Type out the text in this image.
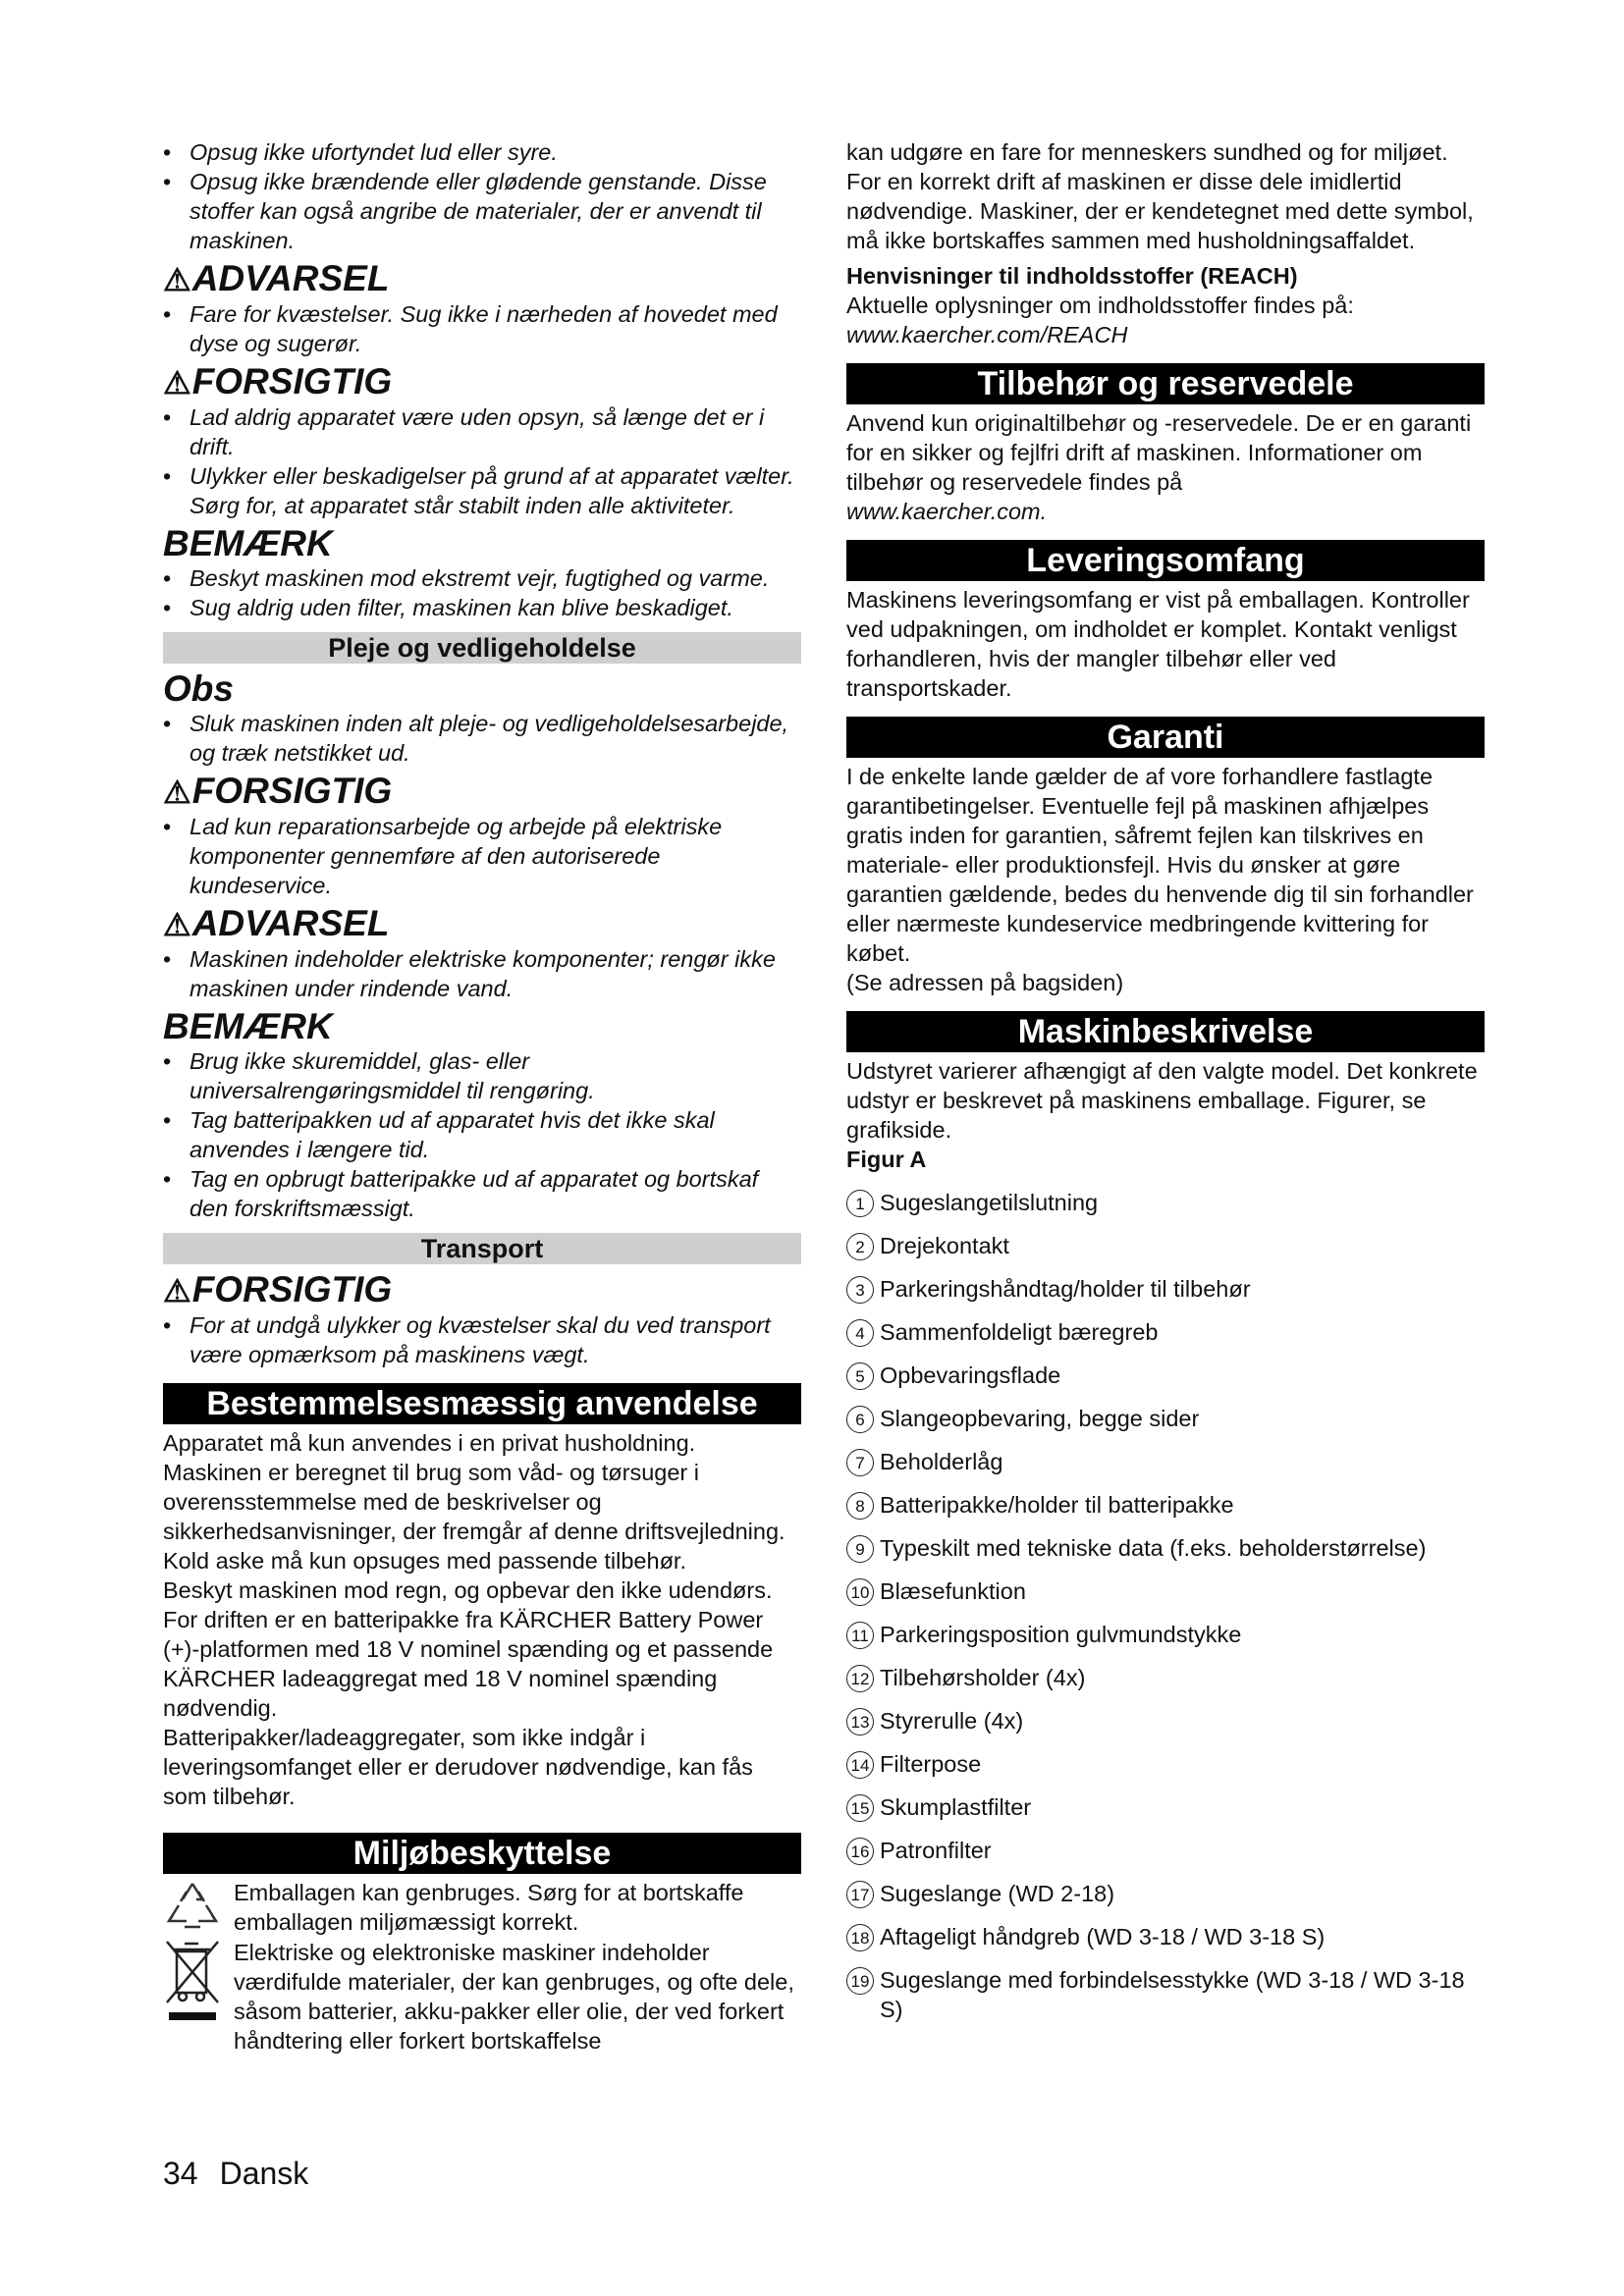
• Opsug ikke ufortyndet lud eller syre.
• Opsug ikke brændende eller glødende genstande. Disse stoffer kan også angribe de materialer, der er anvendt til maskinen.
⚠ADVARSEL
• Fare for kvæstelser. Sug ikke i nærheden af hovedet med dyse og sugerør.
⚠FORSIGTIG
• Lad aldrig apparatet være uden opsyn, så længe det er i drift.
• Ulykker eller beskadigelser på grund af at apparatet vælter. Sørg for, at apparatet står stabilt inden alle aktiviteter.
BEMÆRK
• Beskyt maskinen mod ekstremt vejr, fugtighed og varme.
• Sug aldrig uden filter, maskinen kan blive beskadiget.
Pleje og vedligeholdelse
Obs
• Sluk maskinen inden alt pleje- og vedligeholdelsesarbejde, og træk netstikket ud.
⚠FORSIGTIG
• Lad kun reparationsarbejde og arbejde på elektriske komponenter gennemføre af den autoriserede kundeservice.
⚠ADVARSEL
• Maskinen indeholder elektriske komponenter; rengør ikke maskinen under rindende vand.
BEMÆRK
• Brug ikke skuremiddel, glas- eller universalrengøringsmiddel til rengøring.
• Tag batteripakken ud af apparatet hvis det ikke skal anvendes i længere tid.
• Tag en opbrugt batteripakke ud af apparatet og bortskaf den forskriftsmæssigt.
Transport
⚠FORSIGTIG
• For at undgå ulykker og kvæstelser skal du ved transport være opmærksom på maskinens vægt.
Bestemmelsesmæssig anvendelse
Apparatet må kun anvendes i en privat husholdning.
Maskinen er beregnet til brug som våd- og tørsuger i overensstemmelse med de beskrivelser og sikkerhedsanvisninger, der fremgår af denne driftsvejledning.
Kold aske må kun opsuges med passende tilbehør.
Beskyt maskinen mod regn, og opbevar den ikke udendørs.
For driften er en batteripakke fra KÄRCHER Battery Power (+)-platformen med 18 V nominel spænding og et passende KÄRCHER ladeaggregat med 18 V nominel spænding nødvendig.
Batteripakker/ladeaggregater, som ikke indgår i leveringsomfanget eller er derudover nødvendige, kan fås som tilbehør.
Miljøbeskyttelse
Emballagen kan genbruges. Sørg for at bortskaffe emballagen miljømæssigt korrekt.
Elektriske og elektroniske maskiner indeholder værdifulde materialer, der kan genbruges, og ofte dele, såsom batterier, akku-pakker eller olie, der ved forkert håndtering eller forkert bortskaffelse
kan udgøre en fare for menneskers sundhed og for miljøet. For en korrekt drift af maskinen er disse dele imidlertid nødvendige. Maskiner, der er kendetegnet med dette symbol, må ikke bortskaffes sammen med husholdningsaffaldet.
Henvisninger til indholdsstoffer (REACH)
Aktuelle oplysninger om indholdsstoffer findes på:
www.kaercher.com/REACH
Tilbehør og reservedele
Anvend kun originaltilbehør og -reservedele. De er en garanti for en sikker og fejlfri drift af maskinen. Informationer om tilbehør og reservedele findes på
www.kaercher.com.
Leveringsomfang
Maskinens leveringsomfang er vist på emballagen. Kontroller ved udpakningen, om indholdet er komplet. Kontakt venligst forhandleren, hvis der mangler tilbehør eller ved transportskader.
Garanti
I de enkelte lande gælder de af vore forhandlere fastlagte garantibetingelser. Eventuelle fejl på maskinen afhjælpes gratis inden for garantien, såfremt fejlen kan tilskrives en materiale- eller produktionsfejl. Hvis du ønsker at gøre garantien gældende, bedes du henvende dig til sin forhandler eller nærmeste kundeservice medbringende kvittering for købet.
(Se adressen på bagsiden)
Maskinbeskrivelse
Udstyret varierer afhængigt af den valgte model. Det konkrete udstyr er beskrevet på maskinens emballage. Figurer, se grafikside.
Figur A
1 Sugeslangetilslutning
2 Drejekontakt
3 Parkeringshåndtag/holder til tilbehør
4 Sammenfoldeligt bæregreb
5 Opbevaringsflade
6 Slangeopbevaring, begge sider
7 Beholderlåg
8 Batteripakke/holder til batteripakke
9 Typeskilt med tekniske data (f.eks. beholderstørrelse)
10 Blæsefunktion
11 Parkeringsposition gulvmundstykke
12 Tilbehørsholder (4x)
13 Styrerulle (4x)
14 Filterpose
15 Skumplastfilter
16 Patronfilter
17 Sugeslange (WD 2-18)
18 Aftageligt håndgreb (WD 3-18 / WD 3-18 S)
19 Sugeslange med forbindelsesstykke (WD 3-18 / WD 3-18 S)
34 Dansk
